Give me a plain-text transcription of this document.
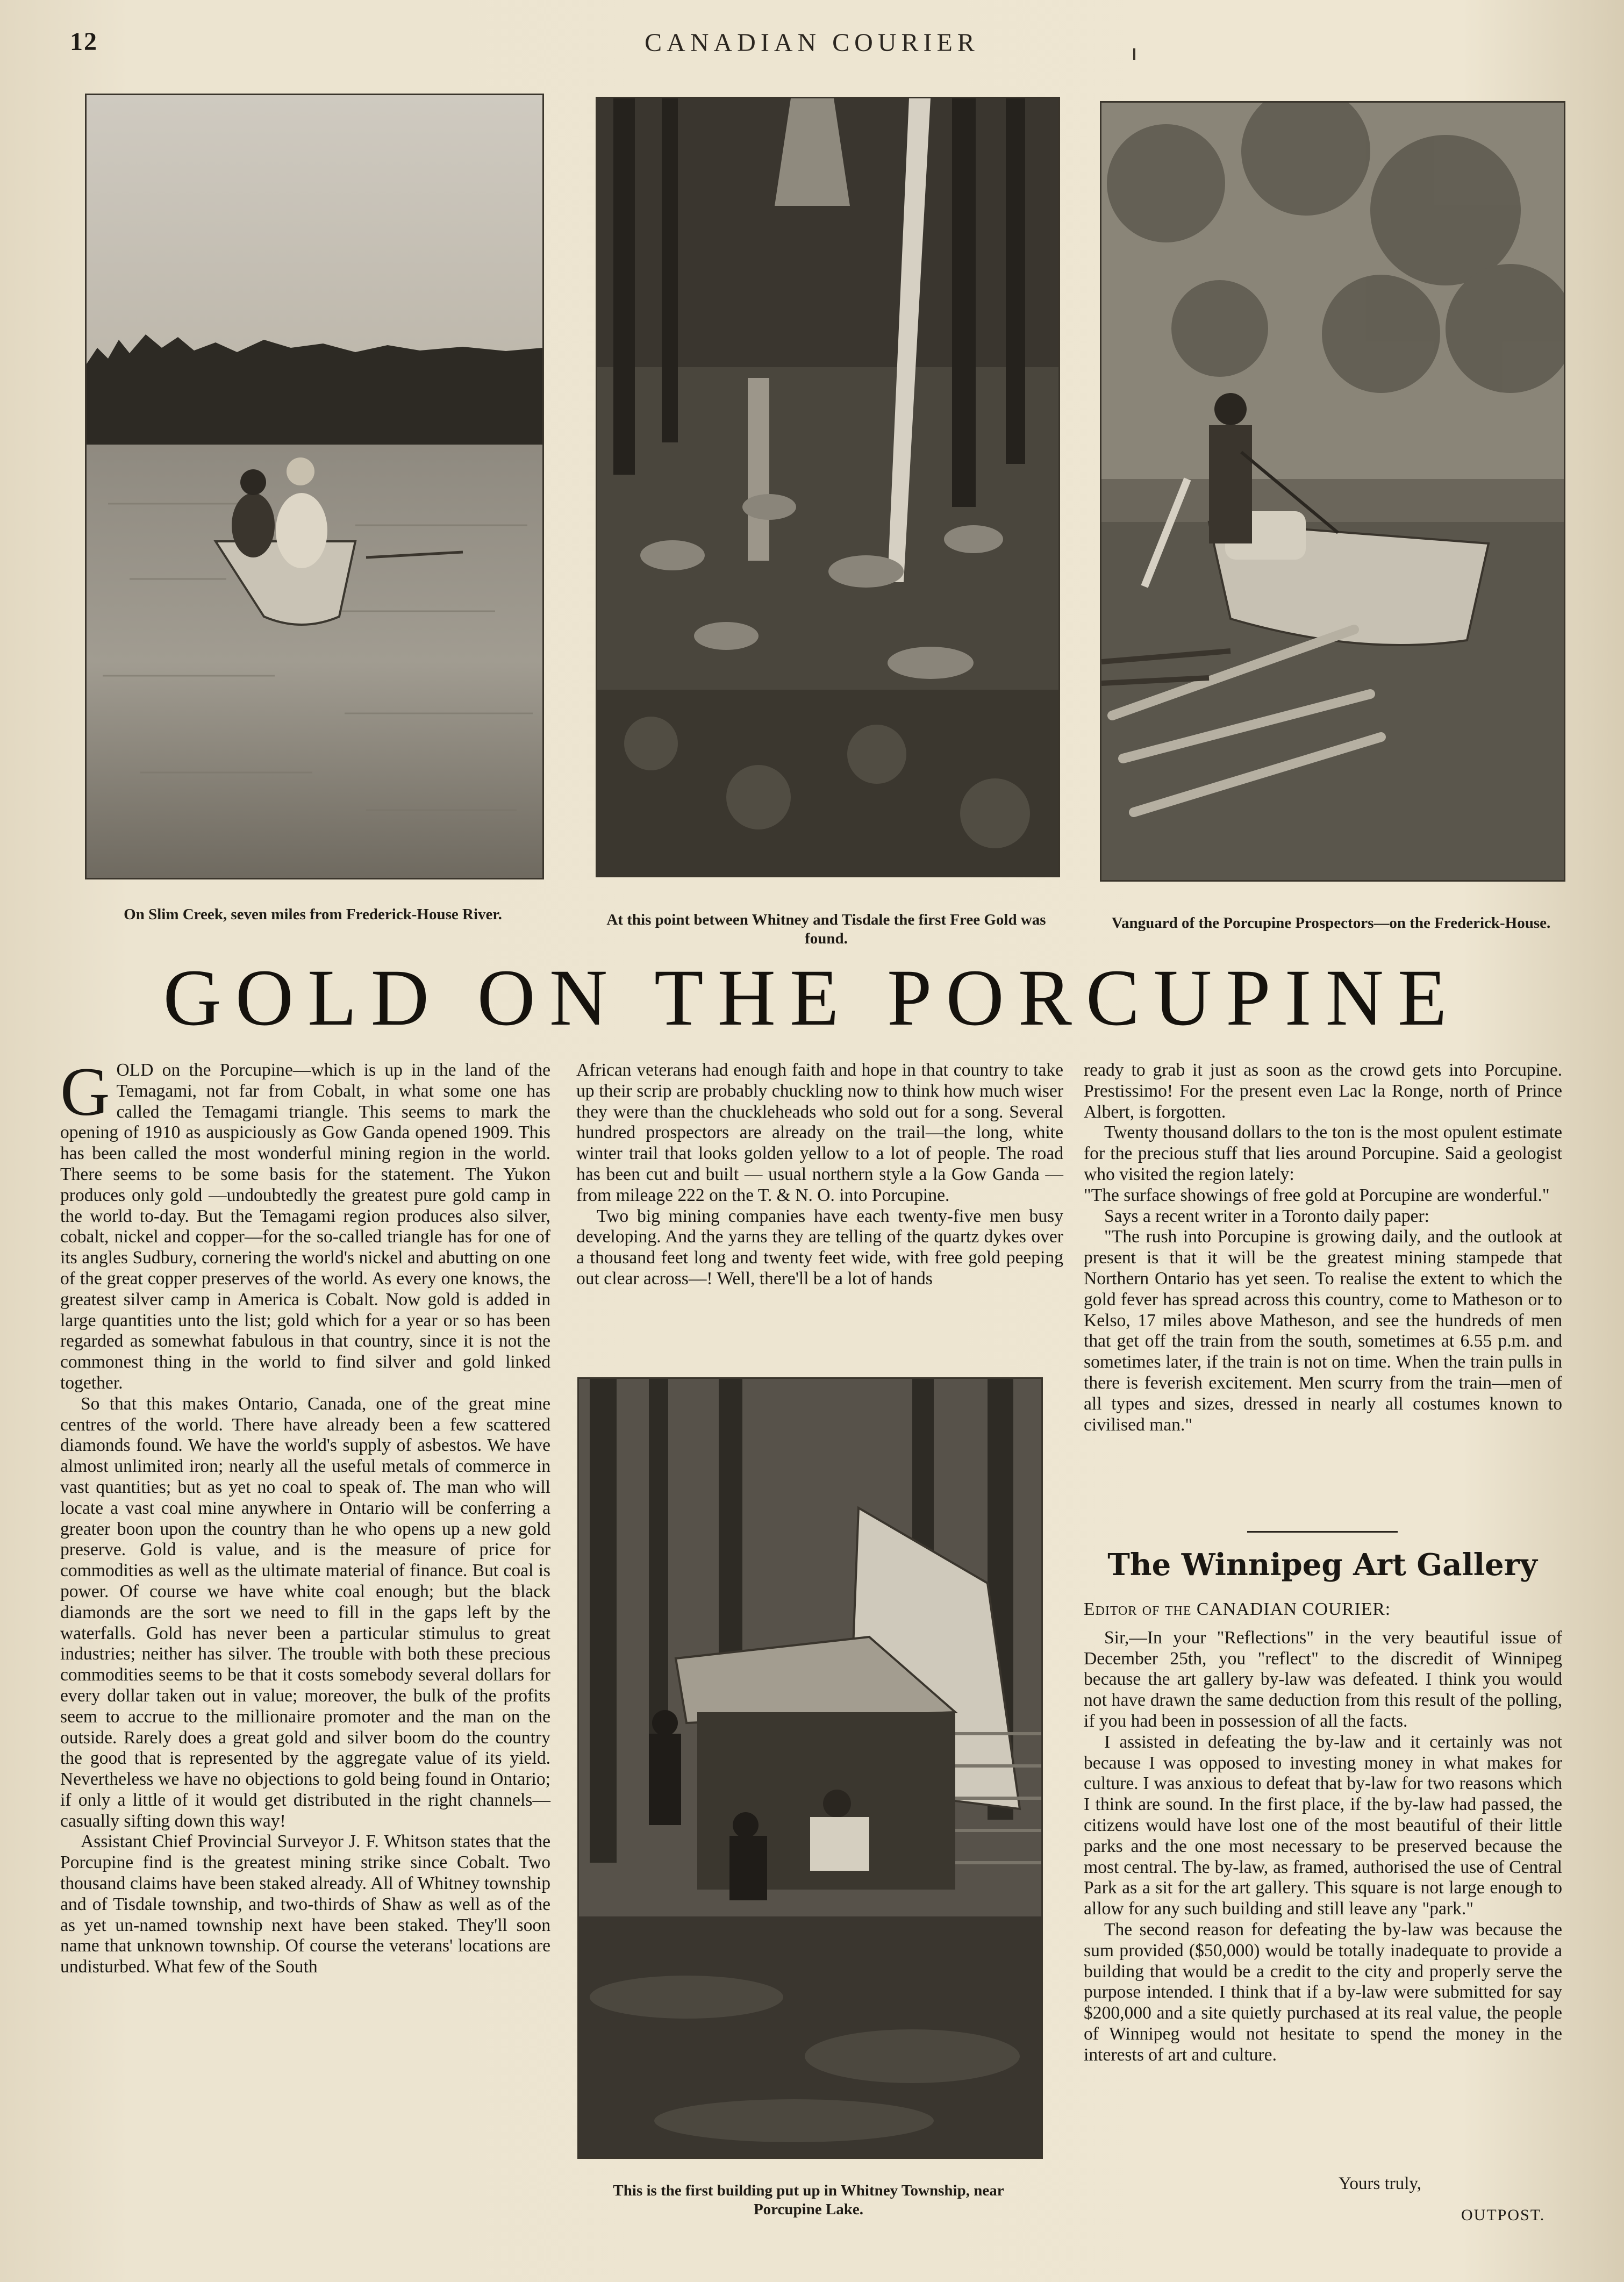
12	CANADIAN COURIER
On Slim Creek, seven miles from Frederick-House River.	At this point between Whitney and Tisdale the first Free Gold was found.
Vanguard of the Porcupine Prospectors—on the Frederick-House.
GOLD ON THE PORCUPINE

GOLD on the Porcupine—which is up in the land of the Temagami, not far from Cobalt, in what some one has called the Temagami triangle. This seems to mark the opening of 1910 as auspiciously as Gow Ganda opened 1909. This has been called the most wonderful mining region in the world. There seems to be some basis for the statement. The Yukon produces only gold —undoubtedly the greatest pure gold camp in the world to-day. But the Temagami region produces also silver, cobalt, nickel and copper—for the so-called triangle has for one of its angles Sudbury, cornering the world's nickel and abutting on one of the great copper preserves of the world. As every one knows, the greatest silver camp in America is Cobalt. Now gold is added in large quantities unto the list; gold which for a year or so has been regarded as somewhat fabulous in that country, since it is not the commonest thing in the world to find silver and gold linked together.

So that this makes Ontario, Canada, one of the great mine centres of the world. There have already been a few scattered diamonds found. We have the world's supply of asbestos. We have almost unlimited iron; nearly all the useful metals of commerce in vast quantities; but as yet no coal to speak of. The man who will locate a vast coal mine anywhere in Ontario will be conferring a greater boon upon the country than he who opens up a new gold preserve. Gold is value, and is the measure of price for commodities as well as the ultimate material of finance. But coal is power. Of course we have white coal enough; but the black diamonds are the sort we need to fill in the gaps left by the waterfalls. Gold has never been a particular stimulus to great industries; neither has silver. The trouble with both these precious commodities seems to be that it costs somebody several dollars for every dollar taken out in value; moreover, the bulk of the profits seem to accrue to the millionaire promoter and the man on the outside. Rarely does a great gold and silver boom do the country the good that is represented by the aggregate value of its yield. Nevertheless we have no objections to gold being found in Ontario; if only a little of it would get distributed in the right channels—casually sifting down this way!

Assistant Chief Provincial Surveyor J. F. Whitson states that the Porcupine find is the greatest mining strike since Cobalt. Two thousand claims have been staked already. All of Whitney township and of Tisdale township, and two-thirds of Shaw as well as of the as yet un-named township next have been staked. They'll soon name that unknown township. Of course the veterans' locations are undisturbed. What few of the South

African veterans had enough faith and hope in that country to take up their scrip are probably chuckling now to think how much wiser they were than the chuckleheads who sold out for a song. Several hundred prospectors are already on the trail—the long, white winter trail that looks golden yellow to a lot of people. The road has been cut and built — usual northern style a la Gow Ganda — from mileage 222 on the T. & N. O. into Porcupine.

Two big mining companies have each twenty-five men busy developing. And the yarns they are telling of the quartz dykes over a thousand feet long and twenty feet wide, with free gold peeping out clear across—! Well, there'll be a lot of hands

This is the first building put up in Whitney Township, near Porcupine Lake.

ready to grab it just as soon as the crowd gets into Porcupine. Prestissimo! For the present even Lac la Ronge, north of Prince Albert, is forgotten.

Twenty thousand dollars to the ton is the most opulent estimate for the precious stuff that lies around Porcupine. Said a geologist who visited the region lately:

"The surface showings of free gold at Porcupine are wonderful."

Says a recent writer in a Toronto daily paper:

"The rush into Porcupine is growing daily, and the outlook at present is that it will be the greatest mining stampede that Northern Ontario has yet seen. To realise the extent to which the gold fever has spread across this country, come to Matheson or to Kelso, 17 miles above Matheson, and see the hundreds of men that get off the train from the south, sometimes at 6.55 p.m. and sometimes later, if the train is not on time. When the train pulls in there is feverish excitement. Men scurry from the train—men of all types and sizes, dressed in nearly all costumes known to civilised man."

The Winnipeg Art Gallery

Editor of the CANADIAN COURIER:

Sir,—In your "Reflections" in the very beautiful issue of December 25th, you "reflect" to the discredit of Winnipeg because the art gallery by-law was defeated. I think you would not have drawn the same deduction from this result of the polling, if you had been in possession of all the facts.

I assisted in defeating the by-law and it certainly was not because I was opposed to investing money in what makes for culture. I was anxious to defeat that by-law for two reasons which I think are sound. In the first place, if the by-law had passed, the citizens would have lost one of the most beautiful of their little parks and the one most necessary to be preserved because the most central. The by-law, as framed, authorised the use of Central Park as a sit for the art gallery. This square is not large enough to allow for any such building and still leave any "park."

The second reason for defeating the by-law was because the sum provided ($50,000) would be totally inadequate to provide a building that would be a credit to the city and properly serve the purpose intended. I think that if a by-law were submitted for say $200,000 and a site quietly purchased at its real value, the people of Winnipeg would not hesitate to spend the money in the interests of art and culture.

Yours truly,
OUTPOST.
